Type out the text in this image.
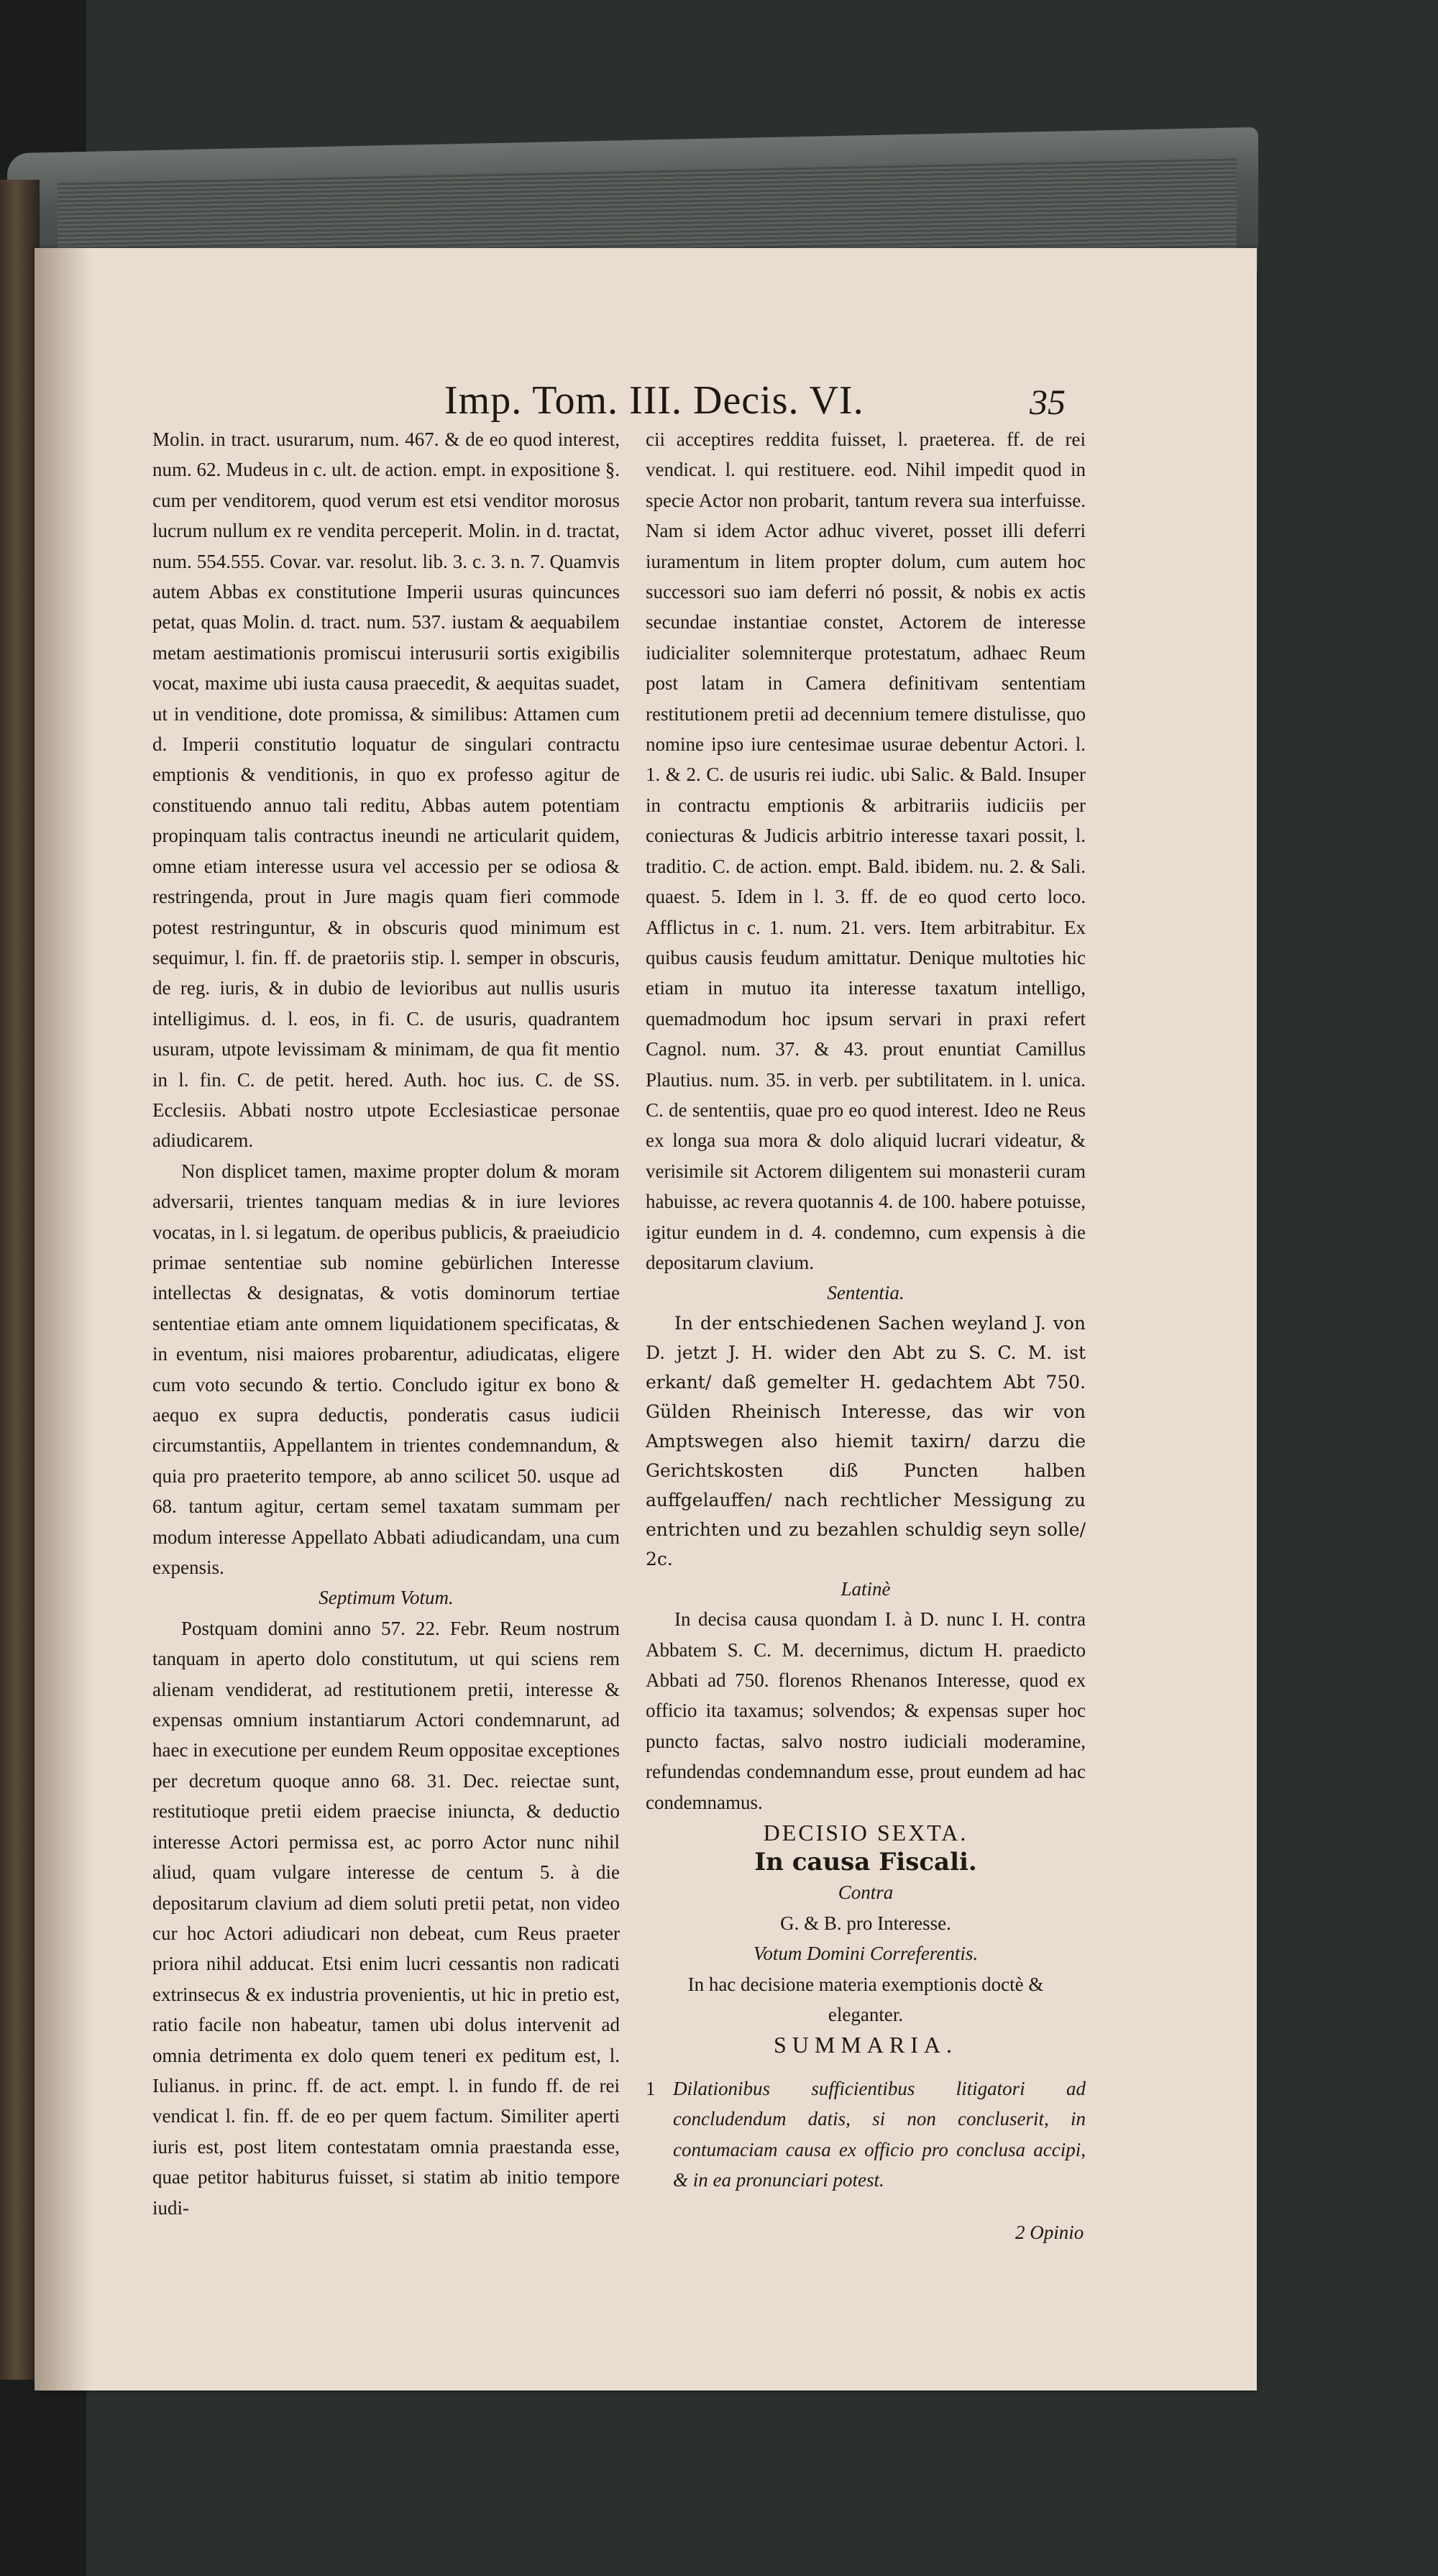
Imp. Tom. III. Decis. VI.	35

Molin. in tract. usurarum, num. 467. & de eo quod interest, num. 62. Mudeus in c. ult. de action. empt. in expositione §. cum per venditorem, quod verum est etsi venditor morosus lucrum nullum ex re vendita perceperit. Molin. in d. tractat, num. 554.555. Covar. var. resolut. lib. 3. c. 3. n. 7. Quamvis autem Abbas ex constitutione Imperii usuras quincunces petat, quas Molin. d. tract. num. 537. iustam & aequabilem metam aestimationis promiscui interusurii sortis exigibilis vocat, maxime ubi iusta causa praecedit, & aequitas suadet, ut in venditione, dote promissa, & similibus: Attamen cum d. Imperii constitutio loquatur de singulari contractu emptionis & venditionis, in quo ex professo agitur de constituendo annuo tali reditu, Abbas autem potentiam propinquam talis contractus ineundi ne articularit quidem, omne etiam interesse usura vel accessio per se odiosa & restringenda, prout in Jure magis quam fieri commode potest restringuntur, & in obscuris quod minimum est sequimur, l. fin. ff. de praetoriis stip. l. semper in obscuris, de reg. iuris, & in dubio de levioribus aut nullis usuris intelligimus. d. l. eos, in fi. C. de usuris, quadrantem usuram, utpote levissimam & minimam, de qua fit mentio in l. fin. C. de petit. hered. Auth. hoc ius. C. de SS. Ecclesiis. Abbati nostro utpote Ecclesiasticae personae adiudicarem.

Non displicet tamen, maxime propter dolum & moram adversarii, trientes tanquam medias & in iure leviores vocatas, in l. si legatum. de operibus publicis, & praeiudicio primae sententiae sub nomine gebürlichen Interesse intellectas & designatas, & votis dominorum tertiae sententiae etiam ante omnem liquidationem specificatas, & in eventum, nisi maiores probarentur, adiudicatas, eligere cum voto secundo & tertio. Concludo igitur ex bono & aequo ex supra deductis, ponderatis casus iudicii circumstantiis, Appellantem in trientes condemnandum, & quia pro praeterito tempore, ab anno scilicet 50. usque ad 68. tantum agitur, certam semel taxatam summam per modum interesse Appellato Abbati adiudicandam, una cum expensis.

Septimum Votum.

Postquam domini anno 57. 22. Febr. Reum nostrum tanquam in aperto dolo constitutum, ut qui sciens rem alienam vendiderat, ad restitutionem pretii, interesse & expensas omnium instantiarum Actori condemnarunt, ad haec in executione per eundem Reum oppositae exceptiones per decretum quoque anno 68. 31. Dec. reiectae sunt, restitutioque pretii eidem praecise iniuncta, & deductio interesse Actori permissa est, ac porro Actor nunc nihil aliud, quam vulgare interesse de centum 5. à die depositarum clavium ad diem soluti pretii petat, non video cur hoc Actori adiudicari non debeat, cum Reus praeter priora nihil adducat. Etsi enim lucri cessantis non radicati extrinsecus & ex industria provenientis, ut hic in pretio est, ratio facile non habeatur, tamen ubi dolus intervenit ad omnia detrimenta ex dolo quem teneri ex peditum est, l. Iulianus. in princ. ff. de act. empt. l. in fundo ff. de rei vendicat l. fin. ff. de eo per quem factum. Similiter aperti iuris est, post litem contestatam omnia praestanda esse, quae petitor habiturus fuisset, si statim ab initio tempore iudi-

cii acceptires reddita fuisset, l. praeterea. ff. de rei vendicat. l. qui restituere. eod. Nihil impedit quod in specie Actor non probarit, tantum revera sua interfuisse. Nam si idem Actor adhuc viveret, posset illi deferri iuramentum in litem propter dolum, cum autem hoc successori suo iam deferri nó possit, & nobis ex actis secundae instantiae constet, Actorem de interesse iudicialiter solemniterque protestatum, adhaec Reum post latam in Camera definitivam sententiam restitutionem pretii ad decennium temere distulisse, quo nomine ipso iure centesimae usurae debentur Actori. l. 1. & 2. C. de usuris rei iudic. ubi Salic. & Bald. Insuper in contractu emptionis & arbitrariis iudiciis per coniecturas & Judicis arbitrio interesse taxari possit, l. traditio. C. de action. empt. Bald. ibidem. nu. 2. & Sali. quaest. 5. Idem in l. 3. ff. de eo quod certo loco. Afflictus in c. 1. num. 21. vers. Item arbitrabitur. Ex quibus causis feudum amittatur. Denique multoties hic etiam in mutuo ita interesse taxatum intelligo, quemadmodum hoc ipsum servari in praxi refert Cagnol. num. 37. & 43. prout enuntiat Camillus Plautius. num. 35. in verb. per subtilitatem. in l. unica. C. de sententiis, quae pro eo quod interest. Ideo ne Reus ex longa sua mora & dolo aliquid lucrari videatur, & verisimile sit Actorem diligentem sui monasterii curam habuisse, ac revera quotannis 4. de 100. habere potuisse, igitur eundem in d. 4. condemno, cum expensis à die depositarum clavium.

Sententia.

In der entschiedenen Sachen weyland J. von D. jetzt J. H. wider den Abt zu S. C. M. ist erkant/ daß gemelter H. gedachtem Abt 750. Gülden Rheinisch Interesse, das wir von Amptswegen also hiemit taxirn/ darzu die Gerichtskosten diß Puncten halben auffgelauffen/ nach rechtlicher Messigung zu entrichten und zu bezahlen schuldig seyn solle/ 2c.

Latinè

In decisa causa quondam I. à D. nunc I. H. contra Abbatem S. C. M. decernimus, dictum H. praedicto Abbati ad 750. florenos Rhenanos Interesse, quod ex officio ita taxamus; solvendos; & expensas super hoc puncto factas, salvo nostro iudiciali moderamine, refundendas condemnandum esse, prout eundem ad hac condemnamus.

DECISIO SEXTA.

In causa Fiscali.

Contra

G. & B. pro Interesse.

Votum Domini Correferentis.

In hac decisione materia exemptionis doctè & eleganter.

SUMMARIA.

1 Dilationibus sufficientibus litigatori ad concludendum datis, si non concluserit, in contumaciam causa ex officio pro conclusa accipi, & in ea pronunciari potest.
2 Opinio
